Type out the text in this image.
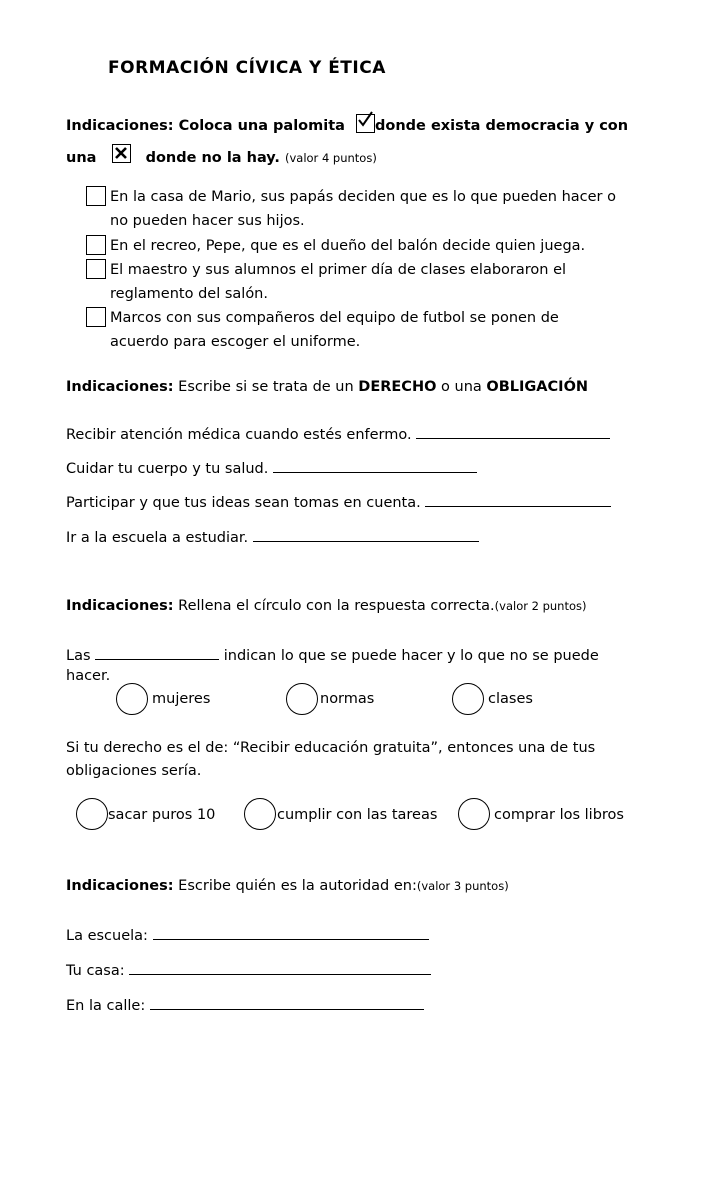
FORMACIÓN CÍVICA Y ÉTICA
Indicaciones: Coloca una palomita donde exista democracia y con
una	donde no la hay. (valor 4 puntos)
En la casa de Mario, sus papás deciden que es lo que pueden hacer o
no pueden hacer sus hijos.
En el recreo, Pepe, que es el dueño del balón decide quien juega.
El maestro y sus alumnos el primer día de clases elaboraron el
reglamento del salón.
Marcos con sus compañeros del equipo de futbol se ponen de
acuerdo para escoger el uniforme.
Indicaciones: Escribe si se trata de un DERECHO o una OBLIGACIÓN
Recibir atención médica cuando estés enfermo.
Cuidar tu cuerpo y tu salud.
Participar y que tus ideas sean tomas en cuenta.
Ir a la escuela a estudiar.
Indicaciones: Rellena el círculo con la respuesta correcta.(valor 2 puntos)
Las	indican lo que se puede hacer y lo que no se puede
hacer.
mujeres	normas	clases
Si tu derecho es el de: “Recibir educación gratuita”, entonces una de tus
obligaciones sería.
sacar puros 10	cumplir con las tareas	comprar los libros
Indicaciones: Escribe quién es la autoridad en:(valor 3 puntos)
La escuela:
Tu casa:
En la calle:
